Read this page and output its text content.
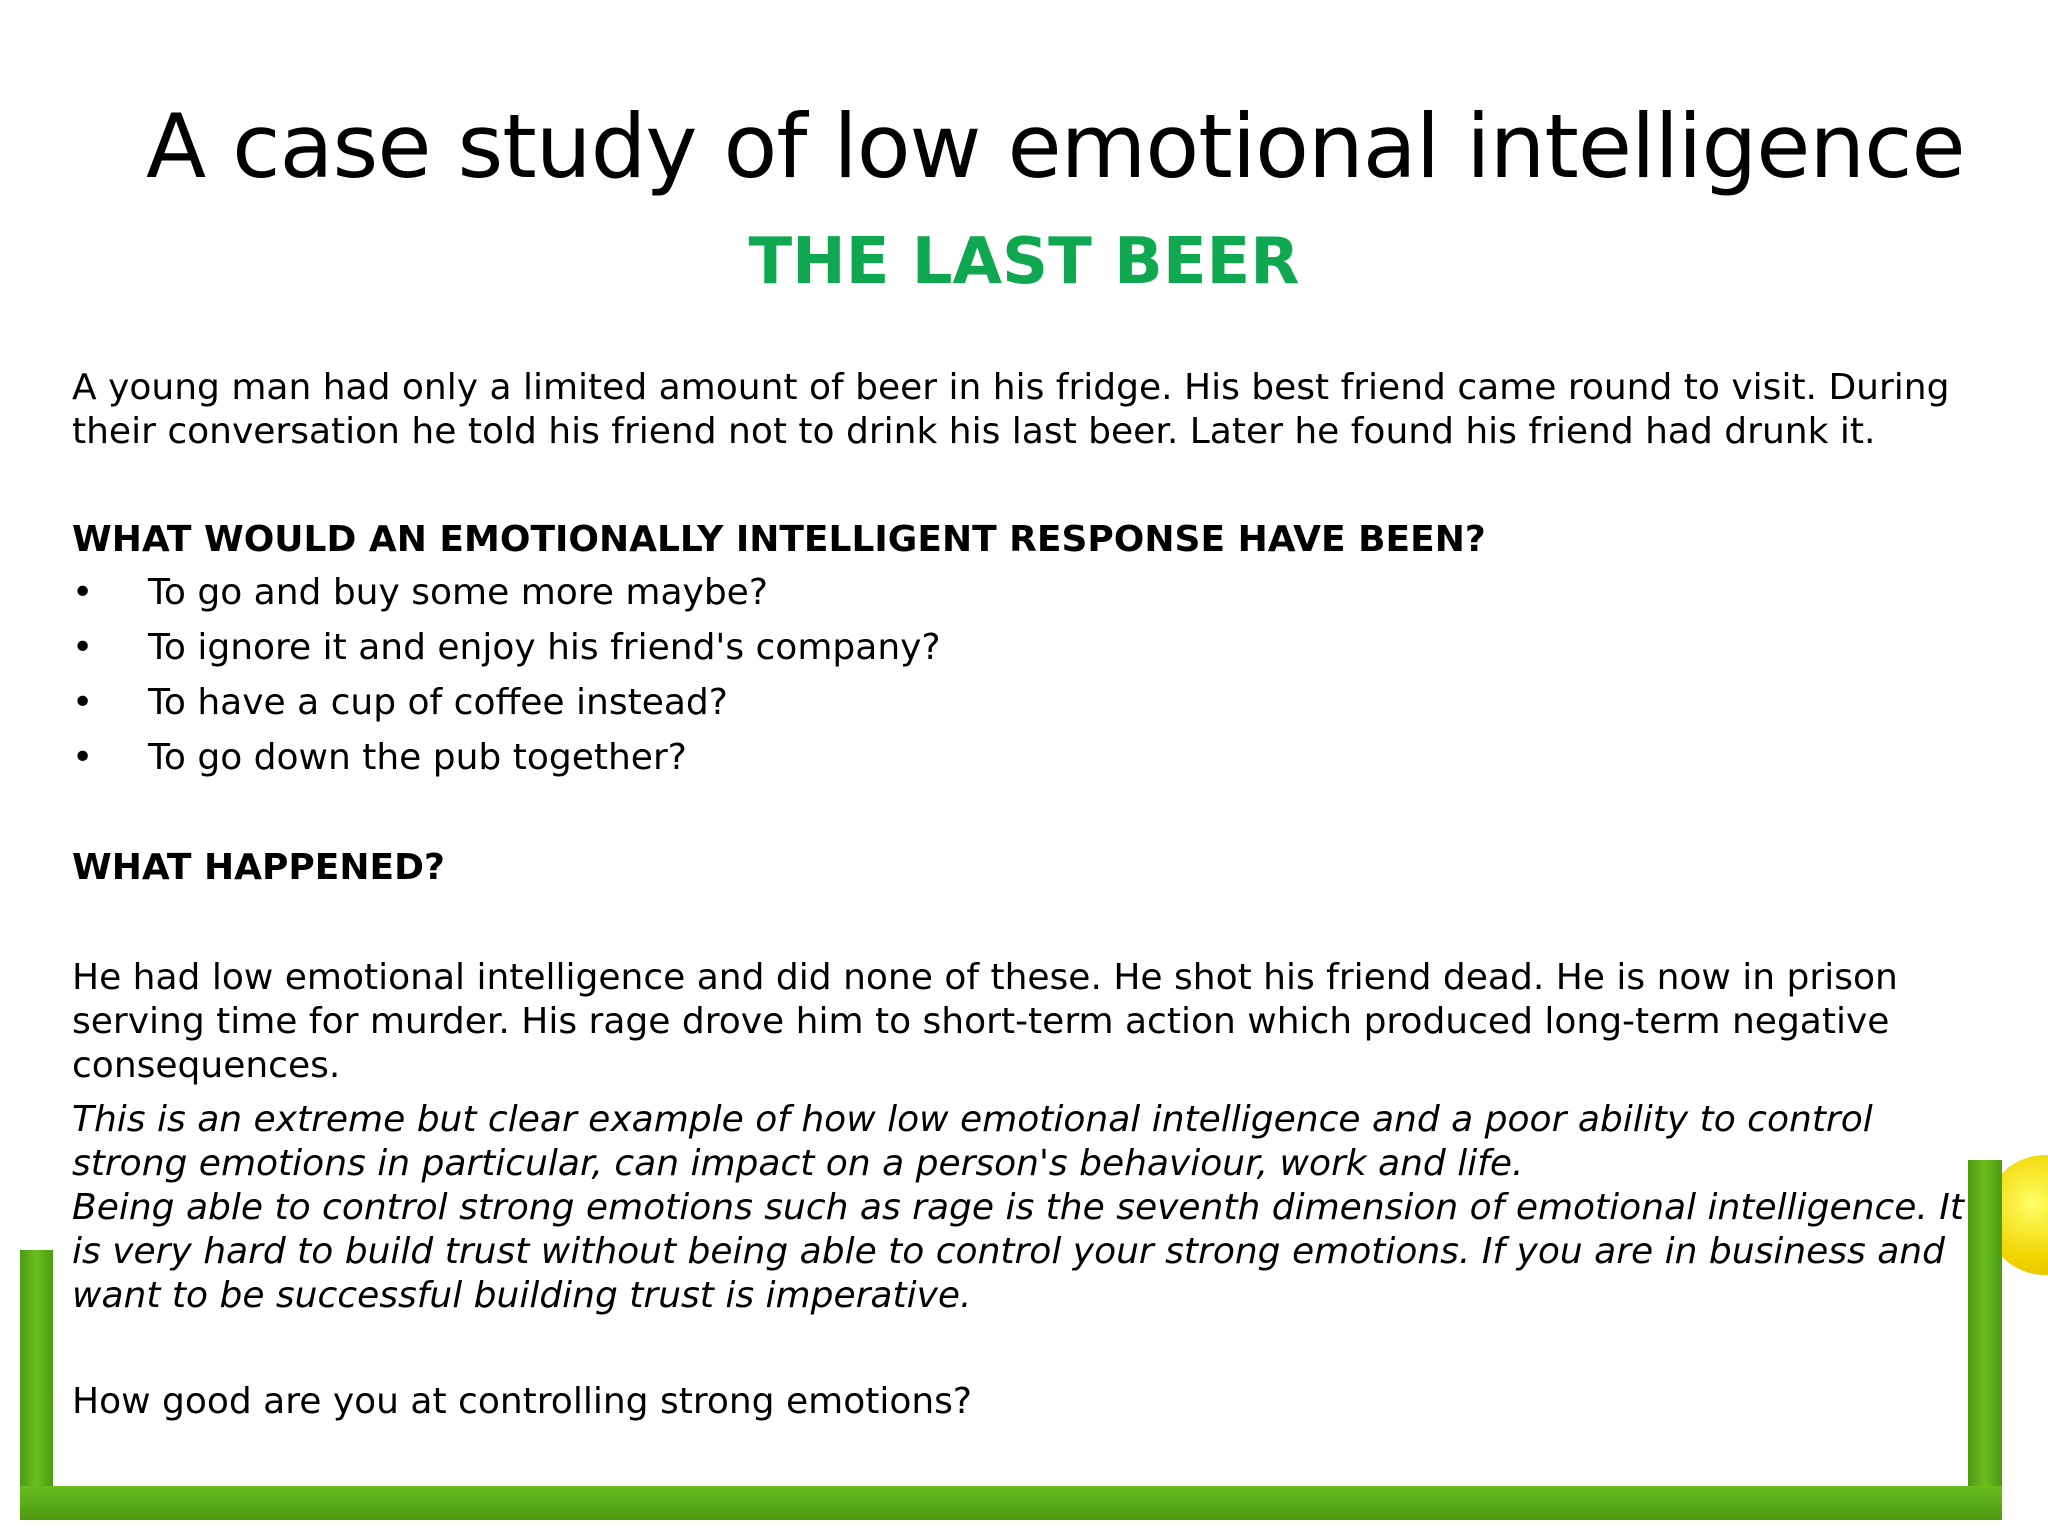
A case study of low emotional intelligence
THE LAST BEER
A young man had only a limited amount of beer in his fridge. His best friend came round to visit. During their conversation he told his friend not to drink his last beer. Later he found his friend had drunk it.
WHAT WOULD AN EMOTIONALLY INTELLIGENT RESPONSE HAVE BEEN?
• To go and buy some more maybe?
• To ignore it and enjoy his friend's company?
• To have a cup of coffee instead?
• To go down the pub together?
WHAT HAPPENED?
He had low emotional intelligence and did none of these. He shot his friend dead. He is now in prison serving time for murder. His rage drove him to short-term action which produced long-term negative consequences.

This is an extreme but clear example of how low emotional intelligence and a poor ability to control strong emotions in particular, can impact on a person's behaviour, work and life.

Being able to control strong emotions such as rage is the seventh dimension of emotional intelligence. It is very hard to build trust without being able to control your strong emotions. If you are in business and want to be successful building trust is imperative.

How good are you at controlling strong emotions?
